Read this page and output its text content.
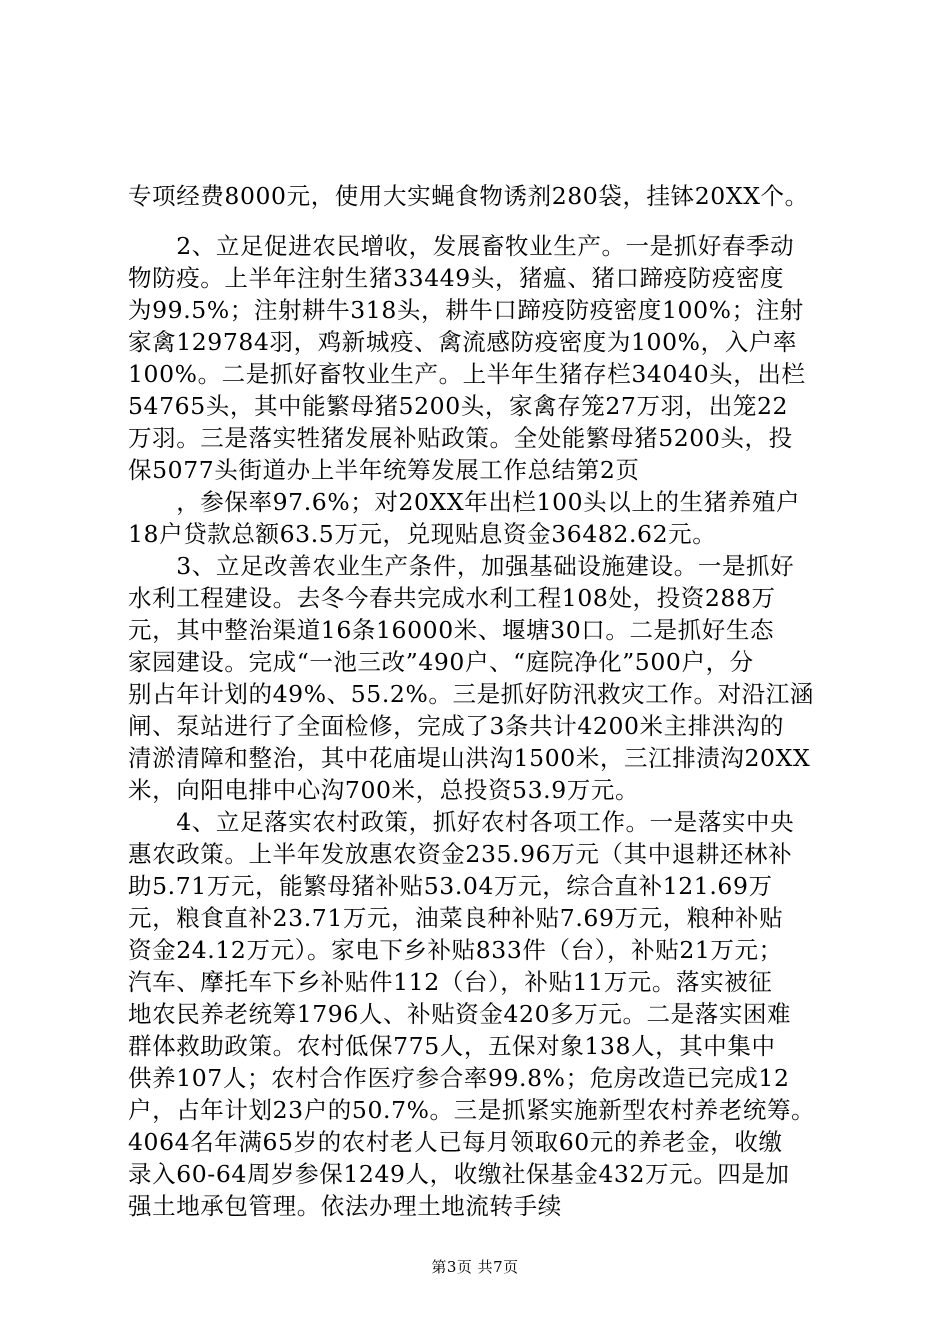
专项经费8000元，使用大实蝇食物诱剂280袋，挂钵20XX个。
　　2、立足促进农民增收，发展畜牧业生产。一是抓好春季动
物防疫。上半年注射生猪33449头，猪瘟、猪口蹄疫防疫密度
为99.5%；注射耕牛318头，耕牛口蹄疫防疫密度100%；注射
家禽129784羽，鸡新城疫、禽流感防疫密度为100%，入户率
100%。二是抓好畜牧业生产。上半年生猪存栏34040头，出栏
54765头，其中能繁母猪5200头，家禽存笼27万羽，出笼22
万羽。三是落实牲猪发展补贴政策。全处能繁母猪5200头，投
保5077头街道办上半年统筹发展工作总结第2页
　　，参保率97.6%；对20XX年出栏100头以上的生猪养殖户
18户贷款总额63.5万元，兑现贴息资金36482.62元。
　　3、立足改善农业生产条件，加强基础设施建设。一是抓好
水利工程建设。去冬今春共完成水利工程108处，投资288万
元，其中整治渠道16条16000米、堰塘30口。二是抓好生态
家园建设。完成“一池三改”490户、“庭院净化”500户，分
别占年计划的49%、55.2%。三是抓好防汛救灾工作。对沿江涵
闸、泵站进行了全面检修，完成了3条共计4200米主排洪沟的
清淤清障和整治，其中花庙堤山洪沟1500米，三江排渍沟20XX
米，向阳电排中心沟700米，总投资53.9万元。
　　4、立足落实农村政策，抓好农村各项工作。一是落实中央
惠农政策。上半年发放惠农资金235.96万元（其中退耕还林补
助5.71万元，能繁母猪补贴53.04万元，综合直补121.69万
元，粮食直补23.71万元，油菜良种补贴7.69万元，粮种补贴
资金24.12万元）。家电下乡补贴833件（台），补贴21万元；
汽车、摩托车下乡补贴件112（台），补贴11万元。落实被征
地农民养老统筹1796人、补贴资金420多万元。二是落实困难
群体救助政策。农村低保775人，五保对象138人，其中集中
供养107人；农村合作医疗参合率99.8%；危房改造已完成12
户，占年计划23户的50.7%。三是抓紧实施新型农村养老统筹。
4064名年满65岁的农村老人已每月领取60元的养老金，收缴
录入60-64周岁参保1249人，收缴社保基金432万元。四是加
强土地承包管理。依法办理土地流转手续
第3页 共7页
